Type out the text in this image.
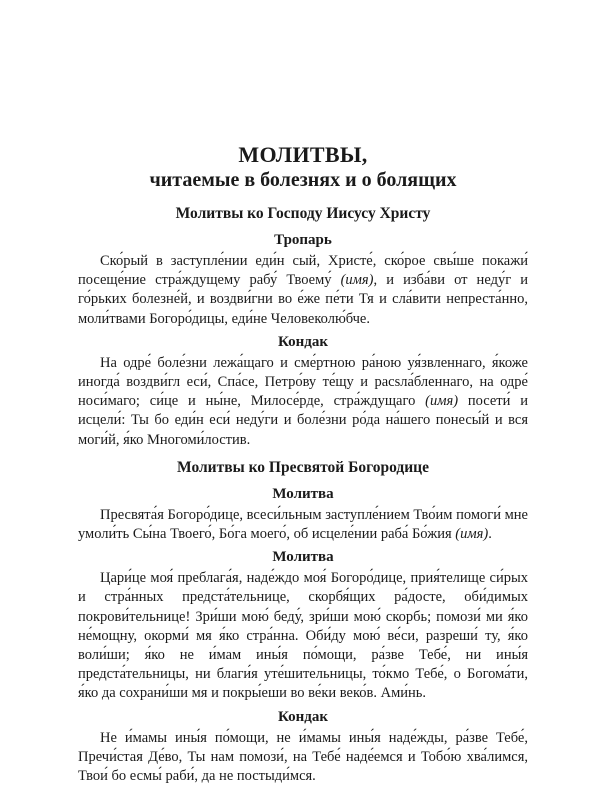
МОЛИТВЫ,
читаемые в болезнях и о болящих
Молитвы ко Господу Иисусу Христу
Тропарь

Ско́рый в заступле́нии еди́н сый, Христе́, ско́рое свы́ше покажи́ посеще́ние стра́ждущему рабу́ Твоему́ (имя), и изба́ви от неду́г и го́рьких болезне́й, и воздви́гни во е́же пе́ти Тя и сла́вити непреста́нно, моли́твами Богоро́дицы, еди́не Человеколю́бче.

Кондак

На одре́ боле́зни лежа́щаго и сме́ртною ра́ною уя́звленнаго, я́коже иногда́ воздви́гл еси́, Спа́се, Петро́ву те́щу и расsла́бленнаго, на одре́ носи́маго; си́це и ны́не, Милосе́рде, стра́ждущаго (имя) посети́ и исцели́: Ты бо еди́н еси́ неду́ги и боле́зни ро́да на́шего понесы́й и вся моги́й, я́ко Многоми́лостив.

Молитвы ко Пресвятой Богородице
Молитва

Пресвята́я Богоро́дице, всеси́льным заступле́нием Тво́им помоги́ мне умоли́ть Сы́на Твоего́, Бо́га моего́, об исцеле́нии раба́ Бо́жия (имя).

Молитва

Цари́це моя́ преблага́я, наде́ждо моя́ Богоро́дице, прия́телище си́рых и стра́нных предста́тельнице, скорбя́щих ра́досте, оби́димых покрови́тельнице! Зри́ши мою́ беду́, зри́ши мою́ скорбь; помози́ ми я́ко не́мощну, окорми́ мя я́ко стра́нна. Оби́ду мою́ ве́си, разреши́ ту, я́ко воли́ши; я́ко не и́мам ины́я по́мощи, ра́зве Тебе́, ни ины́я предста́тельницы, ни благи́я уте́шительницы, то́кмо Тебе́, о Богома́ти, я́ко да сохрани́ши мя и покры́еши во ве́ки веко́в. Ами́нь.

Кондак

Не и́мамы ины́я по́мощи, не и́мамы ины́я наде́жды, ра́зве Тебе́, Пречи́стая Де́во, Ты нам помози́, на Тебе́ наде́емся и Тобо́ю хва́лимся, Твои́ бо есмы́ раби́, да не постыди́мся.
